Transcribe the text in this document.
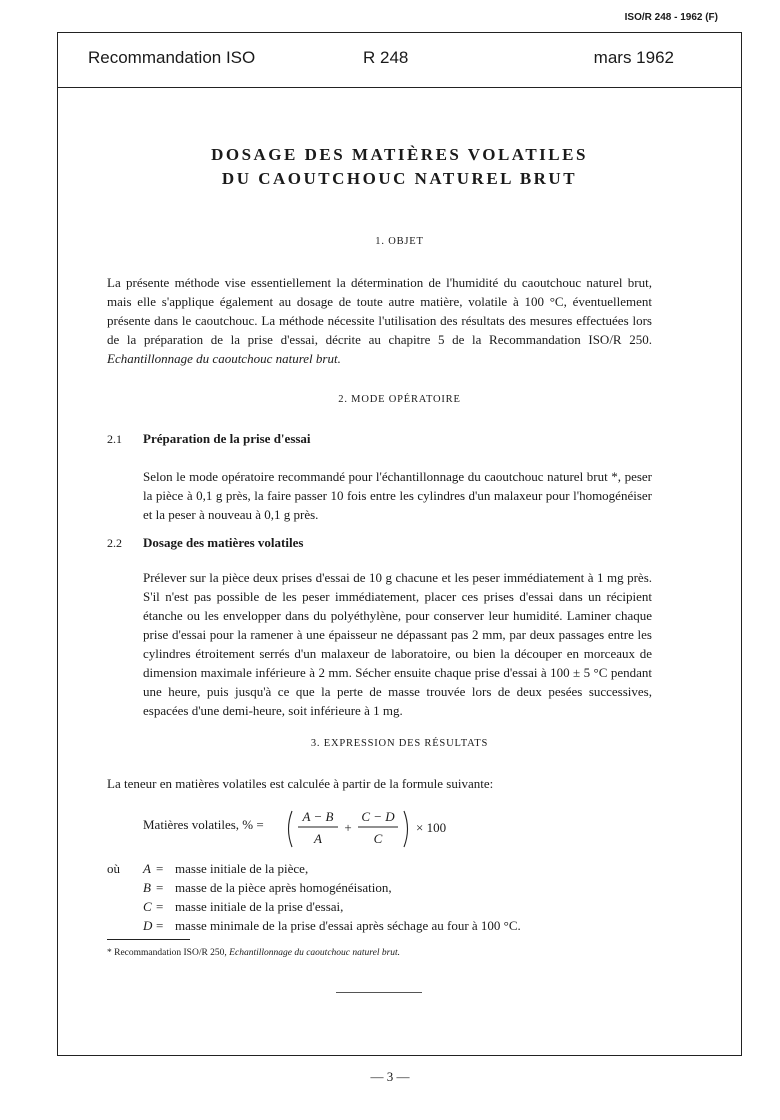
ISO/R 248 - 1962 (F)
Recommandation ISO	R 248	mars 1962
DOSAGE DES MATIÈRES VOLATILES
DU CAOUTCHOUC NATUREL BRUT
1. OBJET

La présente méthode vise essentiellement la détermination de l'humidité du caoutchouc naturel brut, mais elle s'applique également au dosage de toute autre matière, volatile à 100 °C, éventuellement présente dans le caoutchouc. La méthode nécessite l'utilisation des résultats des mesures effectuées lors de la préparation de la prise d'essai, décrite au chapitre 5 de la Recommandation ISO/R 250. Echantillonnage du caoutchouc naturel brut.

2. MODE OPÉRATOIRE
2.1 Préparation de la prise d'essai

Selon le mode opératoire recommandé pour l'échantillonnage du caoutchouc naturel brut *, peser la pièce à 0,1 g près, la faire passer 10 fois entre les cylindres d'un malaxeur pour l'homogénéiser et la peser à nouveau à 0,1 g près.

2.2 Dosage des matières volatiles

Prélever sur la pièce deux prises d'essai de 10 g chacune et les peser immédiatement à 1 mg près. S'il n'est pas possible de les peser immédiatement, placer ces prises d'essai dans un récipient étanche ou les envelopper dans du polyéthylène, pour conserver leur humidité. Laminer chaque prise d'essai pour la ramener à une épaisseur ne dépassant pas 2 mm, par deux passages entre les cylindres étroitement serrés d'un malaxeur de laboratoire, ou bien la découper en morceaux de dimension maximale inférieure à 2 mm. Sécher ensuite chaque prise d'essai à 100 ± 5 °C pendant une heure, puis jusqu'à ce que la perte de masse trouvée lors de deux pesées successives, espacées d'une demi-heure, soit inférieure à 1 mg.

3. EXPRESSION DES RÉSULTATS

La teneur en matières volatiles est calculée à partir de la formule suivante:

Matières volatiles, % =
A − B
A
+
C − D
C
× 100
où A = masse initiale de la pièce,
B = masse de la pièce après homogénéisation,
C = masse initiale de la prise d'essai,
D = masse minimale de la prise d'essai après séchage au four à 100 °C.
* Recommandation ISO/R 250, Echantillonnage du caoutchouc naturel brut.
— 3 —
